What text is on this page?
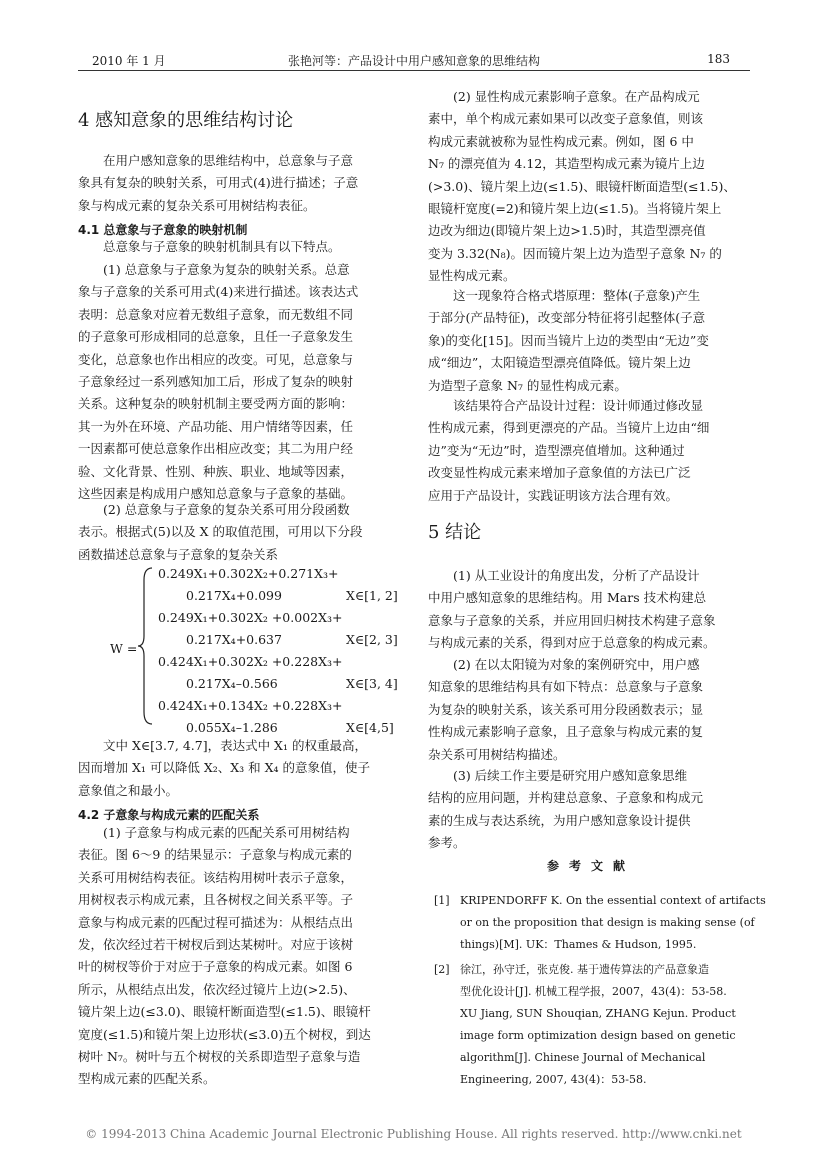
2010 年 1 月	张艳河等：产品设计中用户感知意象的思维结构	183
4 感知意象的思维结构讨论
在用户感知意象的思维结构中，总意象与子意
象具有复杂的映射关系，可用式(4)进行描述；子意
象与构成元素的复杂关系可用树结构表征。
4.1 总意象与子意象的映射机制
总意象与子意象的映射机制具有以下特点。
(1) 总意象与子意象为复杂的映射关系。总意
象与子意象的关系可用式(4)来进行描述。该表达式
表明：总意象对应着无数组子意象，而无数组不同
的子意象可形成相同的总意象，且任一子意象发生
变化，总意象也作出相应的改变。可见，总意象与
子意象经过一系列感知加工后，形成了复杂的映射
关系。这种复杂的映射机制主要受两方面的影响：
其一为外在环境、产品功能、用户情绪等因素，任
一因素都可使总意象作出相应改变；其二为用户经
验、文化背景、性别、种族、职业、地域等因素，
这些因素是构成用户感知总意象与子意象的基础。
(2) 总意象与子意象的复杂关系可用分段函数
表示。根据式(5)以及 X 的取值范围，可用以下分段
函数描述总意象与子意象的复杂关系
W =
0.249X₁+0.302X₂+0.271X₃+
0.217X₄+0.099	X∈[1, 2]
0.249X₁+0.302X₂ +0.002X₃+
0.217X₄+0.637	X∈[2, 3]
0.424X₁+0.302X₂ +0.228X₃+
0.217X₄–0.566	X∈[3, 4]
0.424X₁+0.134X₂ +0.228X₃+
0.055X₄–1.286	X∈[4,5]
文中 X∈[3.7, 4.7]，表达式中 X₁ 的权重最高，
因而增加 X₁ 可以降低 X₂、X₃ 和 X₄ 的意象值，使子
意象值之和最小。
4.2 子意象与构成元素的匹配关系
(1) 子意象与构成元素的匹配关系可用树结构
表征。图 6～9 的结果显示：子意象与构成元素的
关系可用树结构表征。该结构用树叶表示子意象，
用树杈表示构成元素，且各树杈之间关系平等。子
意象与构成元素的匹配过程可描述为：从根结点出
发，依次经过若干树杈后到达某树叶。对应于该树
叶的树杈等价于对应于子意象的构成元素。如图 6
所示，从根结点出发，依次经过镜片上边(>2.5)、
镜片架上边(≤3.0)、眼镜杆断面造型(≤1.5)、眼镜杆
宽度(≤1.5)和镜片架上边形状(≤3.0)五个树杈，到达
树叶 N₇。树叶与五个树杈的关系即造型子意象与造
型构成元素的匹配关系。
(2) 显性构成元素影响子意象。在产品构成元
素中，单个构成元素如果可以改变子意象值，则该
构成元素就被称为显性构成元素。例如，图 6 中
N₇ 的漂亮值为 4.12，其造型构成元素为镜片上边
(>3.0)、镜片架上边(≤1.5)、眼镜杆断面造型(≤1.5)、
眼镜杆宽度(=2)和镜片架上边(≤1.5)。当将镜片架上
边改为细边(即镜片架上边>1.5)时，其造型漂亮值
变为 3.32(N₈)。因而镜片架上边为造型子意象 N₇ 的
显性构成元素。
这一现象符合格式塔原理：整体(子意象)产生
于部分(产品特征)，改变部分特征将引起整体(子意
象)的变化[15]。因而当镜片上边的类型由“无边”变
成“细边”，太阳镜造型漂亮值降低。镜片架上边
为造型子意象 N₇ 的显性构成元素。
该结果符合产品设计过程：设计师通过修改显
性构成元素，得到更漂亮的产品。当镜片上边由“细
边”变为“无边”时，造型漂亮值增加。这种通过
改变显性构成元素来增加子意象值的方法已广泛
应用于产品设计，实践证明该方法合理有效。
5 结论
(1) 从工业设计的角度出发，分析了产品设计
中用户感知意象的思维结构。用 Mars 技术构建总
意象与子意象的关系，并应用回归树技术构建子意象
与构成元素的关系，得到对应于总意象的构成元素。
(2) 在以太阳镜为对象的案例研究中，用户感
知意象的思维结构具有如下特点：总意象与子意象
为复杂的映射关系，该关系可用分段函数表示；显
性构成元素影响子意象，且子意象与构成元素的复
杂关系可用树结构描述。
(3) 后续工作主要是研究用户感知意象思维
结构的应用问题，并构建总意象、子意象和构成元
素的生成与表达系统，为用户感知意象设计提供
参考。
参考文献
[1] KRIPENDORFF K. On the essential context of artifacts
or on the proposition that design is making sense (of
things)[M]. UK：Thames & Hudson, 1995.
[2] 徐江，孙守迁，张克俊. 基于遗传算法的产品意象造
型优化设计[J]. 机械工程学报，2007，43(4)：53-58.
XU Jiang, SUN Shouqian, ZHANG Kejun. Product
image form optimization design based on genetic
algorithm[J]. Chinese Journal of Mechanical
Engineering, 2007, 43(4)：53-58.
© 1994-2013 China Academic Journal Electronic Publishing House. All rights reserved. http://www.cnki.net
